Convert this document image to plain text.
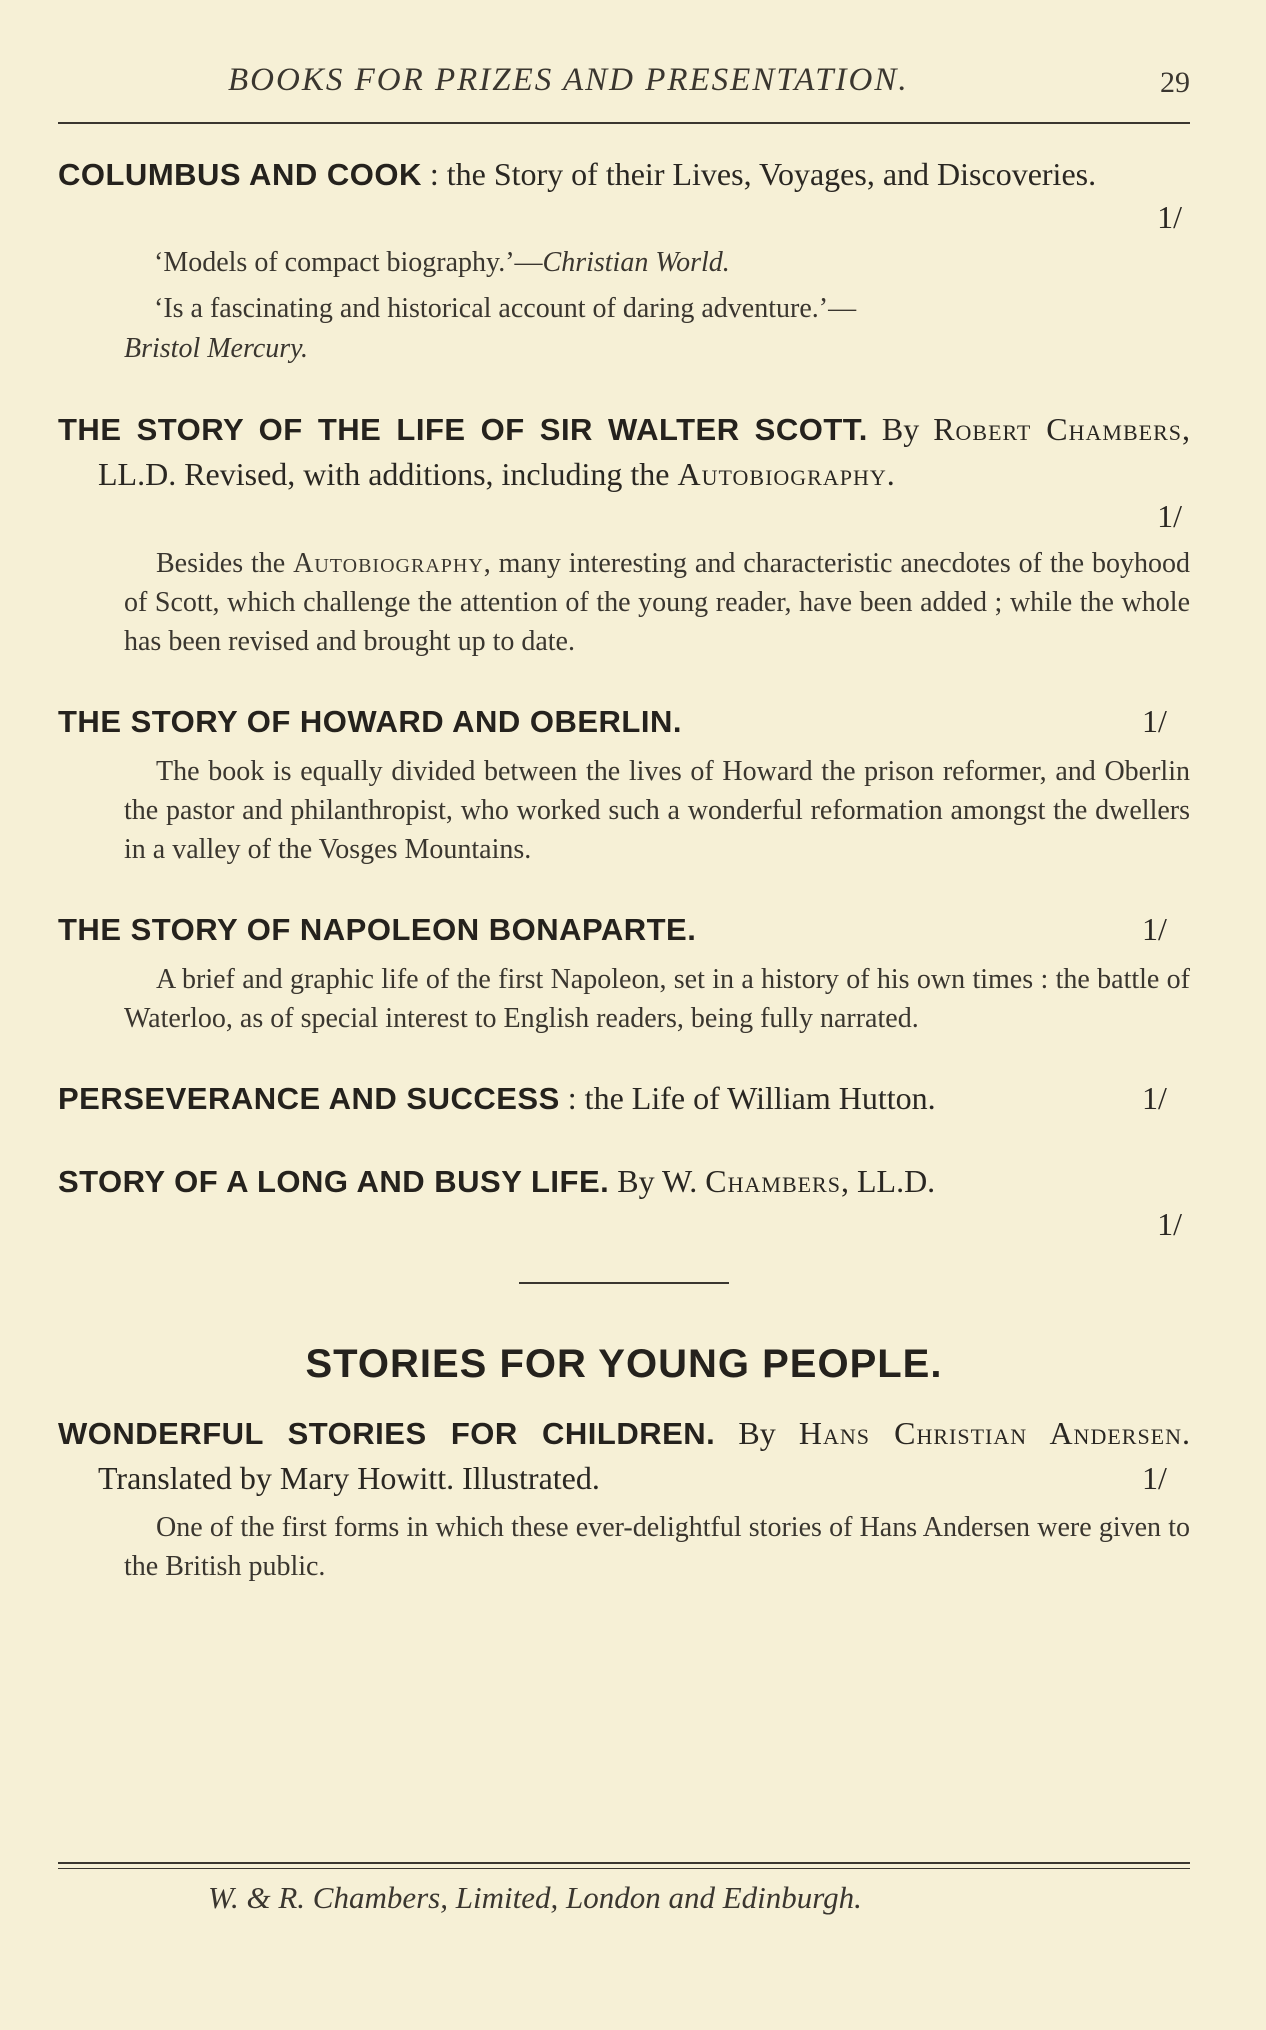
BOOKS FOR PRIZES AND PRESENTATION.	29

COLUMBUS AND COOK : the Story of their Lives, Voyages, and Discoveries.

1/

‘Models of compact biography.’—Christian World.

‘Is a fascinating and historical account of daring adventure.’—
Bristol Mercury.

THE STORY OF THE LIFE OF SIR WALTER SCOTT. By Robert Chambers, LL.D. Revised, with additions, including the Autobiography.

1/

Besides the Autobiography, many interesting and characteristic anecdotes of the boyhood of Scott, which challenge the attention of the young reader, have been added ; while the whole has been revised and brought up to date.

THE STORY OF HOWARD AND OBERLIN.	1/

The book is equally divided between the lives of Howard the prison reformer, and Oberlin the pastor and philanthropist, who worked such a wonderful reformation amongst the dwellers in a valley of the Vosges Mountains.

THE STORY OF NAPOLEON BONAPARTE.	1/

A brief and graphic life of the first Napoleon, set in a history of his own times : the battle of Waterloo, as of special interest to English readers, being fully narrated.

PERSEVERANCE AND SUCCESS : the Life of William Hutton.	1/

STORY OF A LONG AND BUSY LIFE. By W. Chambers, LL.D.

1/
STORIES FOR YOUNG PEOPLE.

WONDERFUL STORIES FOR CHILDREN. By Hans Christian Andersen. Translated by Mary Howitt. Illustrated.	1/

One of the first forms in which these ever-delightful stories of Hans Andersen were given to the British public.

W. & R. Chambers, Limited, London and Edinburgh.
